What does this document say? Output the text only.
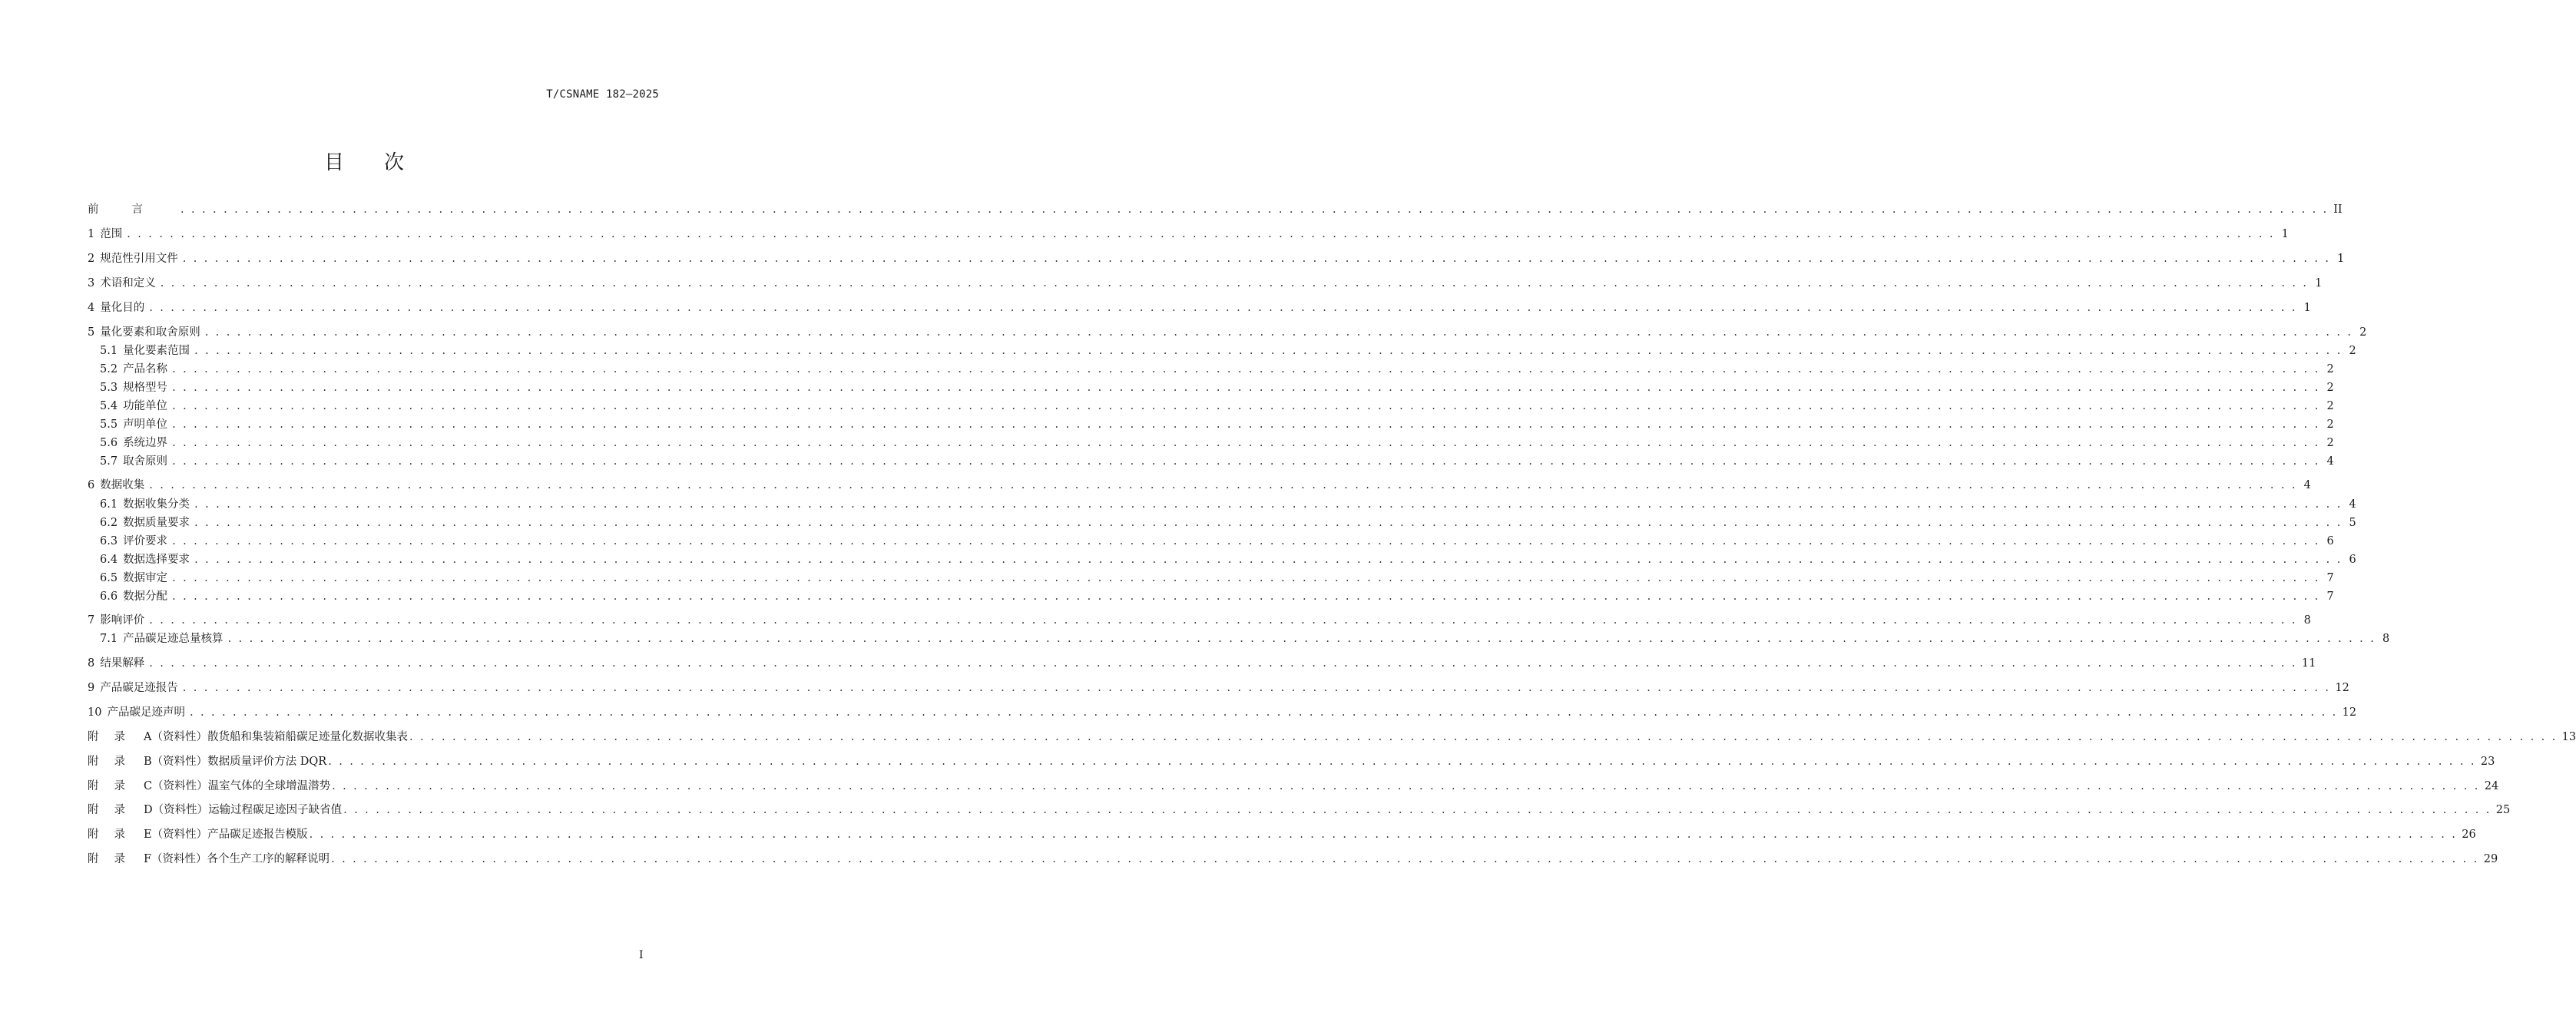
T/CSNAME 182—2025
目 次
前言 . . . . . . . . . . . . . . . . . . . . . . . . . . . . . . . . . . . . . . . . . . . . . . . . . . . . . . . . . . . . . . . . . . . . . . . . . . . . . . . . . . . . . . . . . . . . . . . . . . . . . . . . . . . . . . . . . . . . . . . . . . . . . . . . . . . . . . . . . . . . . . . . . . . . . . . . . . . . . . . . . . . . . . . . . . . . . . . . . . . . . . . . . . . . . . . . . . . . . . . . II
1 范围 . . . . . . . . . . . . . . . . . . . . . . . . . . . . . . . . . . . . . . . . . . . . . . . . . . . . . . . . . . . . . . . . . . . . . . . . . . . . . . . . . . . . . . . . . . . . . . . . . . . . . . . . . . . . . . . . . . . . . . . . . . . . . . . . . . . . . . . . . . . . . . . . . . . . . . . . . . . . . . . . . . . . . . . . . . . . . . . . . . . . . . . . . . . . . . . . . . . . . . . . 1
2 规范性引用文件 . . . . . . . . . . . . . . . . . . . . . . . . . . . . . . . . . . . . . . . . . . . . . . . . . . . . . . . . . . . . . . . . . . . . . . . . . . . . . . . . . . . . . . . . . . . . . . . . . . . . . . . . . . . . . . . . . . . . . . . . . . . . . . . . . . . . . . . . . . . . . . . . . . . . . . . . . . . . . . . . . . . . . . . . . . . . . . . . . . . . . . . . . . . . . . . . . . . . . . . . 1
3 术语和定义 . . . . . . . . . . . . . . . . . . . . . . . . . . . . . . . . . . . . . . . . . . . . . . . . . . . . . . . . . . . . . . . . . . . . . . . . . . . . . . . . . . . . . . . . . . . . . . . . . . . . . . . . . . . . . . . . . . . . . . . . . . . . . . . . . . . . . . . . . . . . . . . . . . . . . . . . . . . . . . . . . . . . . . . . . . . . . . . . . . . . . . . . . . . . . . . . . . . . . . . . 1
4 量化目的 . . . . . . . . . . . . . . . . . . . . . . . . . . . . . . . . . . . . . . . . . . . . . . . . . . . . . . . . . . . . . . . . . . . . . . . . . . . . . . . . . . . . . . . . . . . . . . . . . . . . . . . . . . . . . . . . . . . . . . . . . . . . . . . . . . . . . . . . . . . . . . . . . . . . . . . . . . . . . . . . . . . . . . . . . . . . . . . . . . . . . . . . . . . . . . . . . . . . . . . . 1
5 量化要素和取舍原则 . . . . . . . . . . . . . . . . . . . . . . . . . . . . . . . . . . . . . . . . . . . . . . . . . . . . . . . . . . . . . . . . . . . . . . . . . . . . . . . . . . . . . . . . . . . . . . . . . . . . . . . . . . . . . . . . . . . . . . . . . . . . . . . . . . . . . . . . . . . . . . . . . . . . . . . . . . . . . . . . . . . . . . . . . . . . . . . . . . . . . . . . . . . . . . . . . . . . . . . . 2
5.1 量化要素范围 . . . . . . . . . . . . . . . . . . . . . . . . . . . . . . . . . . . . . . . . . . . . . . . . . . . . . . . . . . . . . . . . . . . . . . . . . . . . . . . . . . . . . . . . . . . . . . . . . . . . . . . . . . . . . . . . . . . . . . . . . . . . . . . . . . . . . . . . . . . . . . . . . . . . . . . . . . . . . . . . . . . . . . . . . . . . . . . . . . . . . . . . . . . . . . . . . . . . . . . . 2
5.2 产品名称 . . . . . . . . . . . . . . . . . . . . . . . . . . . . . . . . . . . . . . . . . . . . . . . . . . . . . . . . . . . . . . . . . . . . . . . . . . . . . . . . . . . . . . . . . . . . . . . . . . . . . . . . . . . . . . . . . . . . . . . . . . . . . . . . . . . . . . . . . . . . . . . . . . . . . . . . . . . . . . . . . . . . . . . . . . . . . . . . . . . . . . . . . . . . . . . . . . . . . . . . 2
5.3 规格型号 . . . . . . . . . . . . . . . . . . . . . . . . . . . . . . . . . . . . . . . . . . . . . . . . . . . . . . . . . . . . . . . . . . . . . . . . . . . . . . . . . . . . . . . . . . . . . . . . . . . . . . . . . . . . . . . . . . . . . . . . . . . . . . . . . . . . . . . . . . . . . . . . . . . . . . . . . . . . . . . . . . . . . . . . . . . . . . . . . . . . . . . . . . . . . . . . . . . . . . . . 2
5.4 功能单位 . . . . . . . . . . . . . . . . . . . . . . . . . . . . . . . . . . . . . . . . . . . . . . . . . . . . . . . . . . . . . . . . . . . . . . . . . . . . . . . . . . . . . . . . . . . . . . . . . . . . . . . . . . . . . . . . . . . . . . . . . . . . . . . . . . . . . . . . . . . . . . . . . . . . . . . . . . . . . . . . . . . . . . . . . . . . . . . . . . . . . . . . . . . . . . . . . . . . . . . . 2
5.5 声明单位 . . . . . . . . . . . . . . . . . . . . . . . . . . . . . . . . . . . . . . . . . . . . . . . . . . . . . . . . . . . . . . . . . . . . . . . . . . . . . . . . . . . . . . . . . . . . . . . . . . . . . . . . . . . . . . . . . . . . . . . . . . . . . . . . . . . . . . . . . . . . . . . . . . . . . . . . . . . . . . . . . . . . . . . . . . . . . . . . . . . . . . . . . . . . . . . . . . . . . . . . 2
5.6 系统边界 . . . . . . . . . . . . . . . . . . . . . . . . . . . . . . . . . . . . . . . . . . . . . . . . . . . . . . . . . . . . . . . . . . . . . . . . . . . . . . . . . . . . . . . . . . . . . . . . . . . . . . . . . . . . . . . . . . . . . . . . . . . . . . . . . . . . . . . . . . . . . . . . . . . . . . . . . . . . . . . . . . . . . . . . . . . . . . . . . . . . . . . . . . . . . . . . . . . . . . . . 2
5.7 取舍原则 . . . . . . . . . . . . . . . . . . . . . . . . . . . . . . . . . . . . . . . . . . . . . . . . . . . . . . . . . . . . . . . . . . . . . . . . . . . . . . . . . . . . . . . . . . . . . . . . . . . . . . . . . . . . . . . . . . . . . . . . . . . . . . . . . . . . . . . . . . . . . . . . . . . . . . . . . . . . . . . . . . . . . . . . . . . . . . . . . . . . . . . . . . . . . . . . . . . . . . . . 4
6 数据收集 . . . . . . . . . . . . . . . . . . . . . . . . . . . . . . . . . . . . . . . . . . . . . . . . . . . . . . . . . . . . . . . . . . . . . . . . . . . . . . . . . . . . . . . . . . . . . . . . . . . . . . . . . . . . . . . . . . . . . . . . . . . . . . . . . . . . . . . . . . . . . . . . . . . . . . . . . . . . . . . . . . . . . . . . . . . . . . . . . . . . . . . . . . . . . . . . . . . . . . . . 4
6.1 数据收集分类 . . . . . . . . . . . . . . . . . . . . . . . . . . . . . . . . . . . . . . . . . . . . . . . . . . . . . . . . . . . . . . . . . . . . . . . . . . . . . . . . . . . . . . . . . . . . . . . . . . . . . . . . . . . . . . . . . . . . . . . . . . . . . . . . . . . . . . . . . . . . . . . . . . . . . . . . . . . . . . . . . . . . . . . . . . . . . . . . . . . . . . . . . . . . . . . . . . . . . . . . 4
6.2 数据质量要求 . . . . . . . . . . . . . . . . . . . . . . . . . . . . . . . . . . . . . . . . . . . . . . . . . . . . . . . . . . . . . . . . . . . . . . . . . . . . . . . . . . . . . . . . . . . . . . . . . . . . . . . . . . . . . . . . . . . . . . . . . . . . . . . . . . . . . . . . . . . . . . . . . . . . . . . . . . . . . . . . . . . . . . . . . . . . . . . . . . . . . . . . . . . . . . . . . . . . . . . . 5
6.3 评价要求 . . . . . . . . . . . . . . . . . . . . . . . . . . . . . . . . . . . . . . . . . . . . . . . . . . . . . . . . . . . . . . . . . . . . . . . . . . . . . . . . . . . . . . . . . . . . . . . . . . . . . . . . . . . . . . . . . . . . . . . . . . . . . . . . . . . . . . . . . . . . . . . . . . . . . . . . . . . . . . . . . . . . . . . . . . . . . . . . . . . . . . . . . . . . . . . . . . . . . . . . 6
6.4 数据选择要求 . . . . . . . . . . . . . . . . . . . . . . . . . . . . . . . . . . . . . . . . . . . . . . . . . . . . . . . . . . . . . . . . . . . . . . . . . . . . . . . . . . . . . . . . . . . . . . . . . . . . . . . . . . . . . . . . . . . . . . . . . . . . . . . . . . . . . . . . . . . . . . . . . . . . . . . . . . . . . . . . . . . . . . . . . . . . . . . . . . . . . . . . . . . . . . . . . . . . . . . . 6
6.5 数据审定 . . . . . . . . . . . . . . . . . . . . . . . . . . . . . . . . . . . . . . . . . . . . . . . . . . . . . . . . . . . . . . . . . . . . . . . . . . . . . . . . . . . . . . . . . . . . . . . . . . . . . . . . . . . . . . . . . . . . . . . . . . . . . . . . . . . . . . . . . . . . . . . . . . . . . . . . . . . . . . . . . . . . . . . . . . . . . . . . . . . . . . . . . . . . . . . . . . . . . . . . 7
6.6 数据分配 . . . . . . . . . . . . . . . . . . . . . . . . . . . . . . . . . . . . . . . . . . . . . . . . . . . . . . . . . . . . . . . . . . . . . . . . . . . . . . . . . . . . . . . . . . . . . . . . . . . . . . . . . . . . . . . . . . . . . . . . . . . . . . . . . . . . . . . . . . . . . . . . . . . . . . . . . . . . . . . . . . . . . . . . . . . . . . . . . . . . . . . . . . . . . . . . . . . . . . . . 7
7 影响评价 . . . . . . . . . . . . . . . . . . . . . . . . . . . . . . . . . . . . . . . . . . . . . . . . . . . . . . . . . . . . . . . . . . . . . . . . . . . . . . . . . . . . . . . . . . . . . . . . . . . . . . . . . . . . . . . . . . . . . . . . . . . . . . . . . . . . . . . . . . . . . . . . . . . . . . . . . . . . . . . . . . . . . . . . . . . . . . . . . . . . . . . . . . . . . . . . . . . . . . . . 8
7.1 产品碳足迹总量核算 . . . . . . . . . . . . . . . . . . . . . . . . . . . . . . . . . . . . . . . . . . . . . . . . . . . . . . . . . . . . . . . . . . . . . . . . . . . . . . . . . . . . . . . . . . . . . . . . . . . . . . . . . . . . . . . . . . . . . . . . . . . . . . . . . . . . . . . . . . . . . . . . . . . . . . . . . . . . . . . . . . . . . . . . . . . . . . . . . . . . . . . . . . . . . . . . . . . . . . . . 8
8 结果解释 . . . . . . . . . . . . . . . . . . . . . . . . . . . . . . . . . . . . . . . . . . . . . . . . . . . . . . . . . . . . . . . . . . . . . . . . . . . . . . . . . . . . . . . . . . . . . . . . . . . . . . . . . . . . . . . . . . . . . . . . . . . . . . . . . . . . . . . . . . . . . . . . . . . . . . . . . . . . . . . . . . . . . . . . . . . . . . . . . . . . . . . . . . . . . . . . . . . . . . . . 11
9 产品碳足迹报告 . . . . . . . . . . . . . . . . . . . . . . . . . . . . . . . . . . . . . . . . . . . . . . . . . . . . . . . . . . . . . . . . . . . . . . . . . . . . . . . . . . . . . . . . . . . . . . . . . . . . . . . . . . . . . . . . . . . . . . . . . . . . . . . . . . . . . . . . . . . . . . . . . . . . . . . . . . . . . . . . . . . . . . . . . . . . . . . . . . . . . . . . . . . . . . . . . . . . . . . . 12
10 产品碳足迹声明 . . . . . . . . . . . . . . . . . . . . . . . . . . . . . . . . . . . . . . . . . . . . . . . . . . . . . . . . . . . . . . . . . . . . . . . . . . . . . . . . . . . . . . . . . . . . . . . . . . . . . . . . . . . . . . . . . . . . . . . . . . . . . . . . . . . . . . . . . . . . . . . . . . . . . . . . . . . . . . . . . . . . . . . . . . . . . . . . . . . . . . . . . . . . . . . . . . . . . . . . 12
附录 A （资料性） 散货船和集装箱船碳足迹量化数据收集表 . . . . . . . . . . . . . . . . . . . . . . . . . . . . . . . . . . . . . . . . . . . . . . . . . . . . . . . . . . . . . . . . . . . . . . . . . . . . . . . . . . . . . . . . . . . . . . . . . . . . . . . . . . . . . . . . . . . . . . . . . . . . . . . . . . . . . . . . . . . . . . . . . . . . . . . . . . . . . . . . . . . . . . . . . . . . . . . . . . . . . . . . . . . . . . . . . . . . . . . . 13
附录 B （资料性） 数据质量评价方法 DQR . . . . . . . . . . . . . . . . . . . . . . . . . . . . . . . . . . . . . . . . . . . . . . . . . . . . . . . . . . . . . . . . . . . . . . . . . . . . . . . . . . . . . . . . . . . . . . . . . . . . . . . . . . . . . . . . . . . . . . . . . . . . . . . . . . . . . . . . . . . . . . . . . . . . . . . . . . . . . . . . . . . . . . . . . . . . . . . . . . . . . . . . . . . . . . . . . . . . . . . . 23
附录 C （资料性） 温室气体的全球增温潜势 . . . . . . . . . . . . . . . . . . . . . . . . . . . . . . . . . . . . . . . . . . . . . . . . . . . . . . . . . . . . . . . . . . . . . . . . . . . . . . . . . . . . . . . . . . . . . . . . . . . . . . . . . . . . . . . . . . . . . . . . . . . . . . . . . . . . . . . . . . . . . . . . . . . . . . . . . . . . . . . . . . . . . . . . . . . . . . . . . . . . . . . . . . . . . . . . . . . . . . . . 24
附录 D （资料性） 运输过程碳足迹因子缺省值 . . . . . . . . . . . . . . . . . . . . . . . . . . . . . . . . . . . . . . . . . . . . . . . . . . . . . . . . . . . . . . . . . . . . . . . . . . . . . . . . . . . . . . . . . . . . . . . . . . . . . . . . . . . . . . . . . . . . . . . . . . . . . . . . . . . . . . . . . . . . . . . . . . . . . . . . . . . . . . . . . . . . . . . . . . . . . . . . . . . . . . . . . . . . . . . . . . . . . . . . 25
附录 E （资料性） 产品碳足迹报告模版 . . . . . . . . . . . . . . . . . . . . . . . . . . . . . . . . . . . . . . . . . . . . . . . . . . . . . . . . . . . . . . . . . . . . . . . . . . . . . . . . . . . . . . . . . . . . . . . . . . . . . . . . . . . . . . . . . . . . . . . . . . . . . . . . . . . . . . . . . . . . . . . . . . . . . . . . . . . . . . . . . . . . . . . . . . . . . . . . . . . . . . . . . . . . . . . . . . . . . . . . 26
附录 F （资料性） 各个生产工序的解释说明 . . . . . . . . . . . . . . . . . . . . . . . . . . . . . . . . . . . . . . . . . . . . . . . . . . . . . . . . . . . . . . . . . . . . . . . . . . . . . . . . . . . . . . . . . . . . . . . . . . . . . . . . . . . . . . . . . . . . . . . . . . . . . . . . . . . . . . . . . . . . . . . . . . . . . . . . . . . . . . . . . . . . . . . . . . . . . . . . . . . . . . . . . . . . . . . . . . . . . . . . 29
I
